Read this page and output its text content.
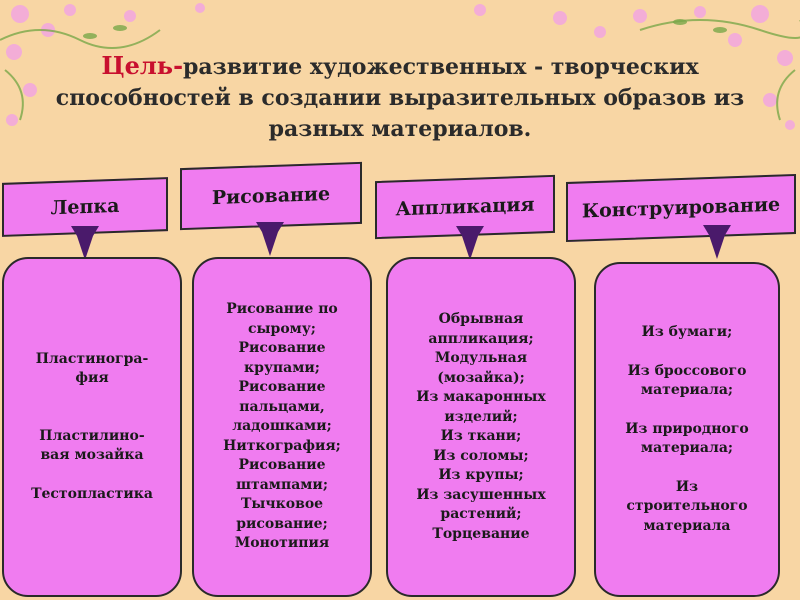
Цель-развитие художественных - творческих
способностей в создании выразительных образов из
разных материалов.
Лепка	Рисование	Аппликация Конструирование
Пластиногра-
фия
Пластилино-
вая мозайка
Тестопластика
Рисование по
сырому;
Рисование
крупами;
Рисование
пальцами,
ладошками;
Ниткография;
Рисование
штампами;
Тычковое
рисование;
Монотипия
Обрывная
аппликация;
Модульная
(мозайка);
Из макаронных
изделий;
Из ткани;
Из соломы;
Из крупы;
Из засушенных
растений;
Торцевание
Из бумаги;
Из броссового
материала;
Из природного
материала;
Из
строительного
материала
